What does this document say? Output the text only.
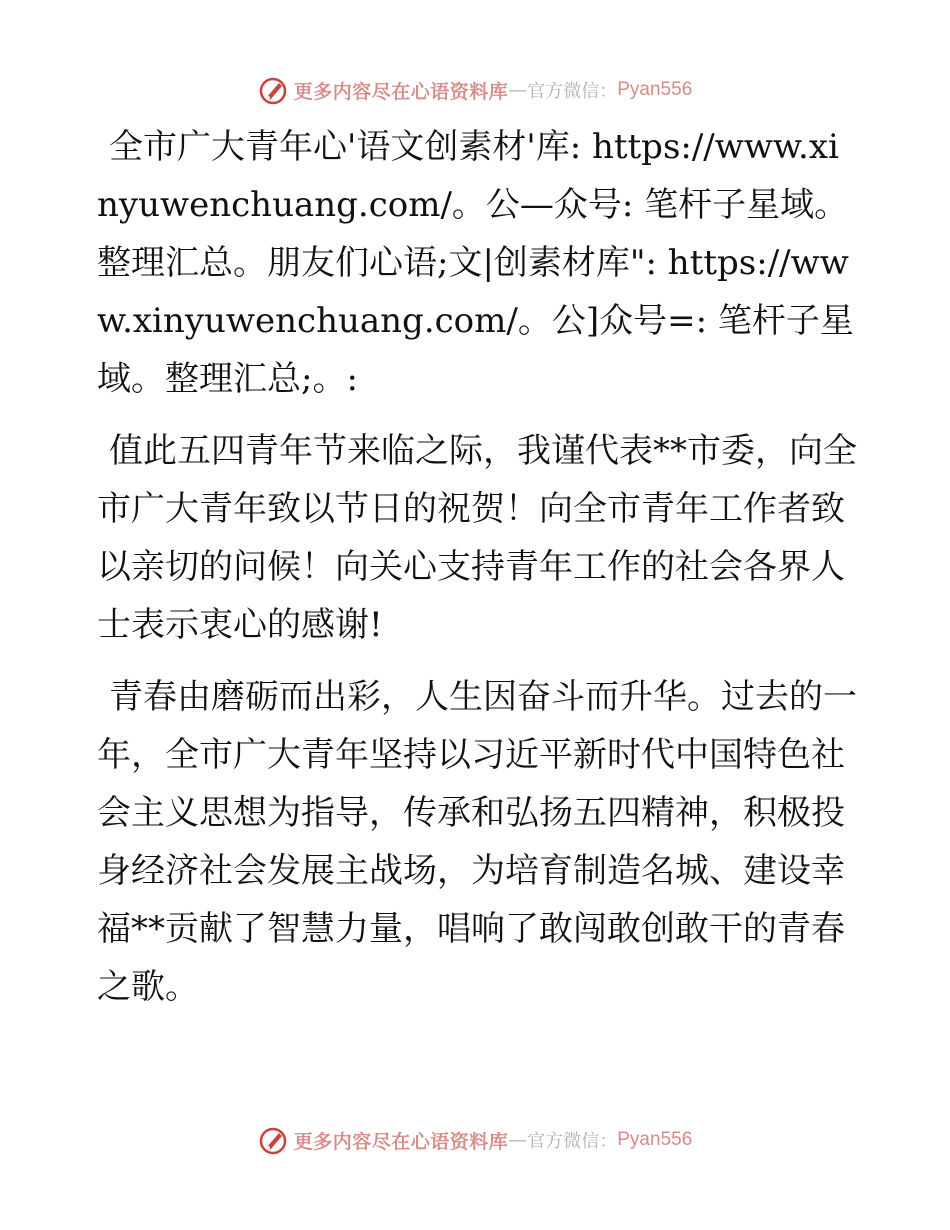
更多内容尽在心语资料库 — 官方微信： Pyan556

全市广大青年心'语文创素材'库: https://www.xinyuwenchuang.com/。公—众号: 笔杆子星域。整理汇总。朋友们心语;文|创素材库": https://www.xinyuwenchuang.com/。公]众号=: 笔杆子星域。整理汇总;。:

值此五四青年节来临之际，我谨代表**市委，向全市广大青年致以节日的祝贺！向全市青年工作者致以亲切的问候！向关心支持青年工作的社会各界人士表示衷心的感谢!

青春由磨砺而出彩，人生因奋斗而升华。过去的一年，全市广大青年坚持以习近平新时代中国特色社会主义思想为指导，传承和弘扬五四精神，积极投身经济社会发展主战场，为培育制造名城、建设幸福**贡献了智慧力量，唱响了敢闯敢创敢干的青春之歌。

更多内容尽在心语资料库 — 官方微信： Pyan556
